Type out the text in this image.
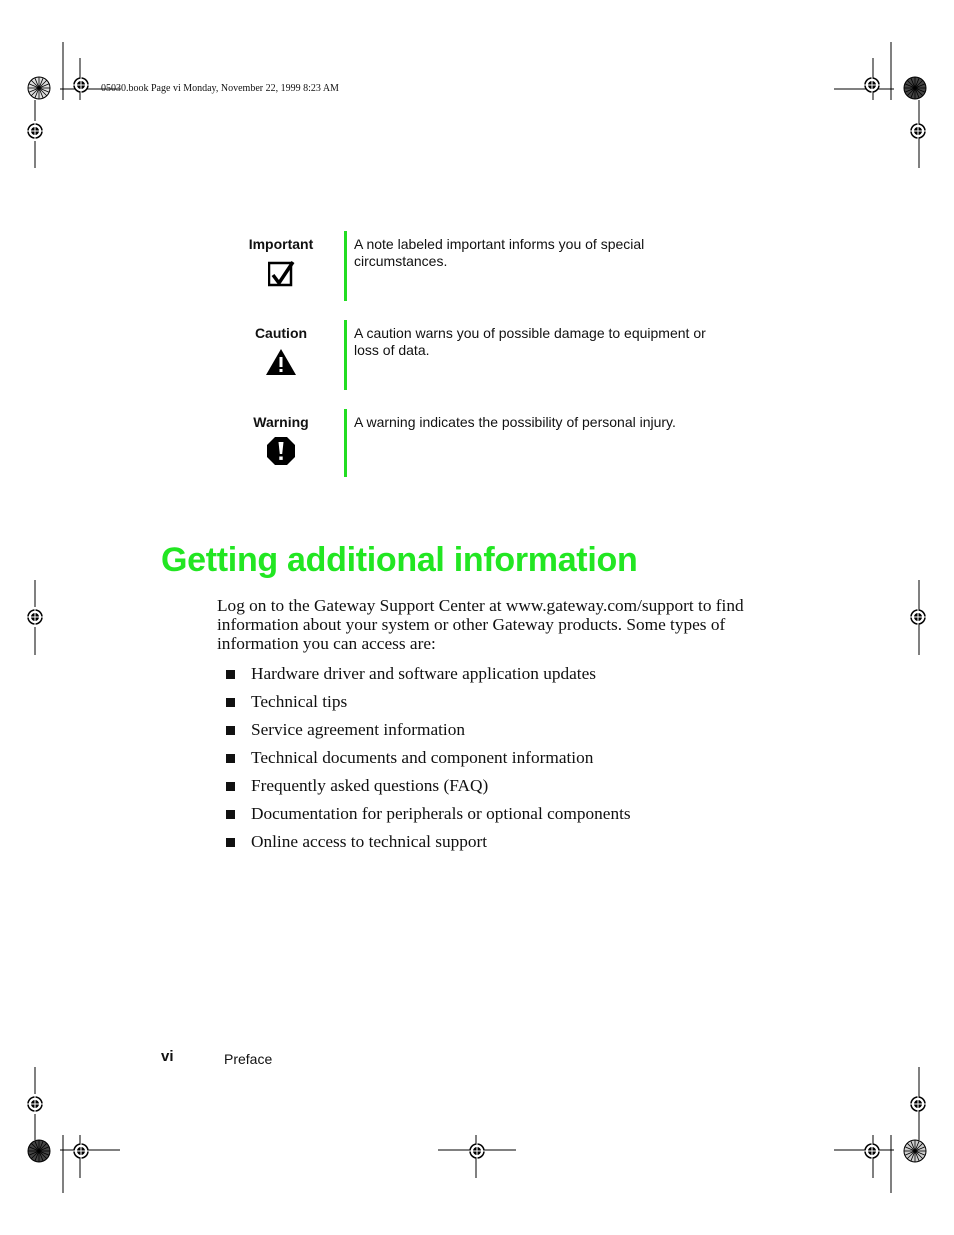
05030.book Page vi Monday, November 22, 1999 8:23 AM
Important	A note labeled important informs you of special circumstances.
Caution	A caution warns you of possible damage to equipment or loss of data.
Warning	A warning indicates the possibility of personal injury.
Getting additional information
Log on to the Gateway Support Center at www.gateway.com/support to find information about your system or other Gateway products. Some types of information you can access are:
Hardware driver and software application updates
Technical tips
Service agreement information
Technical documents and component information
Frequently asked questions (FAQ)
Documentation for peripherals or optional components
Online access to technical support
vi	Preface
